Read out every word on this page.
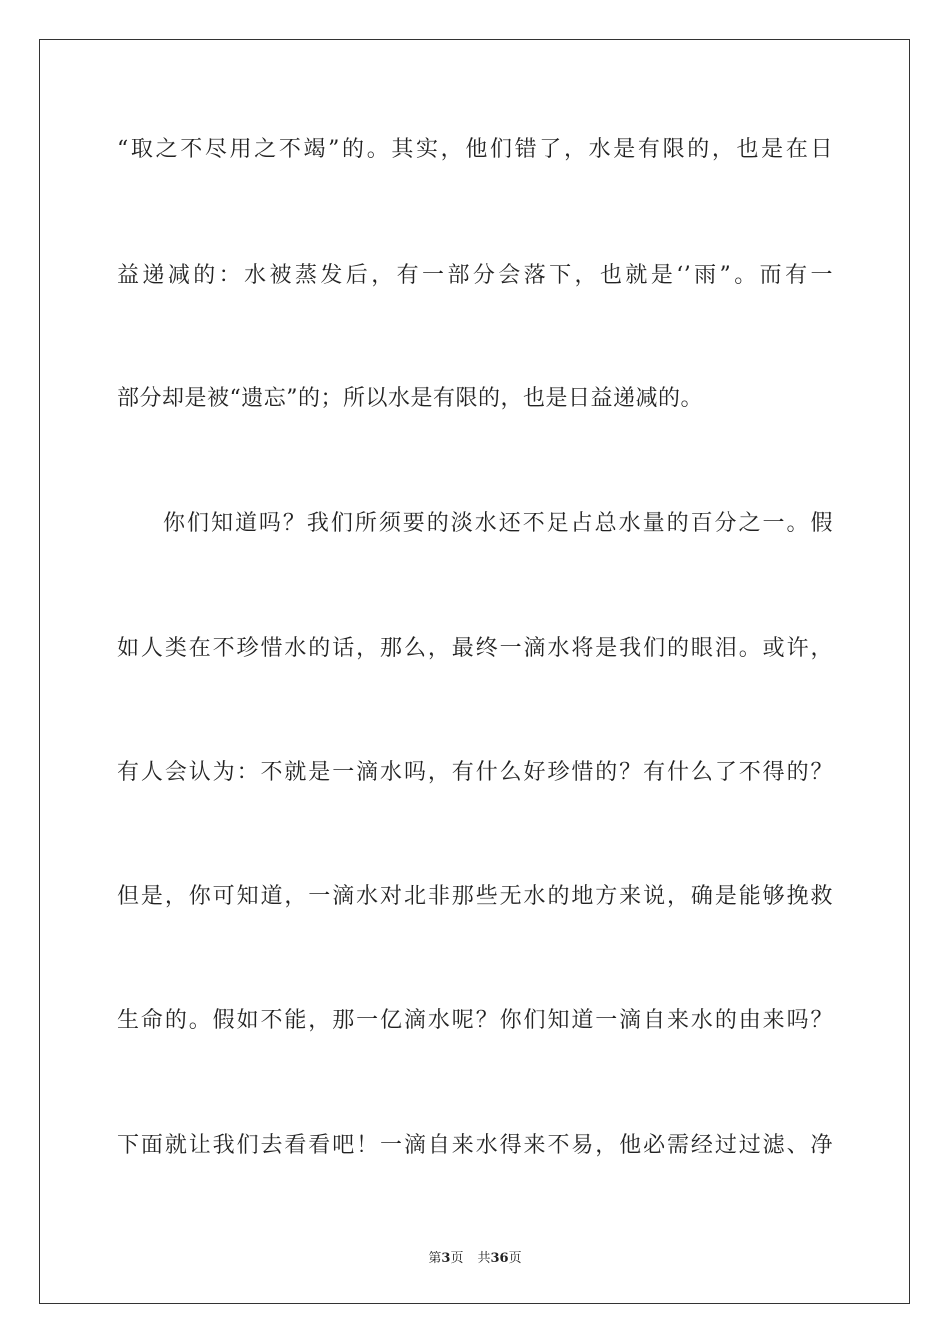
“取之不尽用之不竭”的。其实，他们错了，水是有限的，也是在日
益递减的：水被蒸发后，有一部分会落下，也就是‘’雨”。而有一
部分却是被“遗忘”的；所以水是有限的，也是日益递减的。
你们知道吗？我们所须要的淡水还不足占总水量的百分之一。假
如人类在不珍惜水的话，那么，最终一滴水将是我们的眼泪。或许，
有人会认为：不就是一滴水吗，有什么好珍惜的？有什么了不得的？
但是，你可知道，一滴水对北非那些无水的地方来说，确是能够挽救
生命的。假如不能，那一亿滴水呢？你们知道一滴自来水的由来吗？
下面就让我们去看看吧！一滴自来水得来不易，他必需经过过滤、净
第3页 共36页
